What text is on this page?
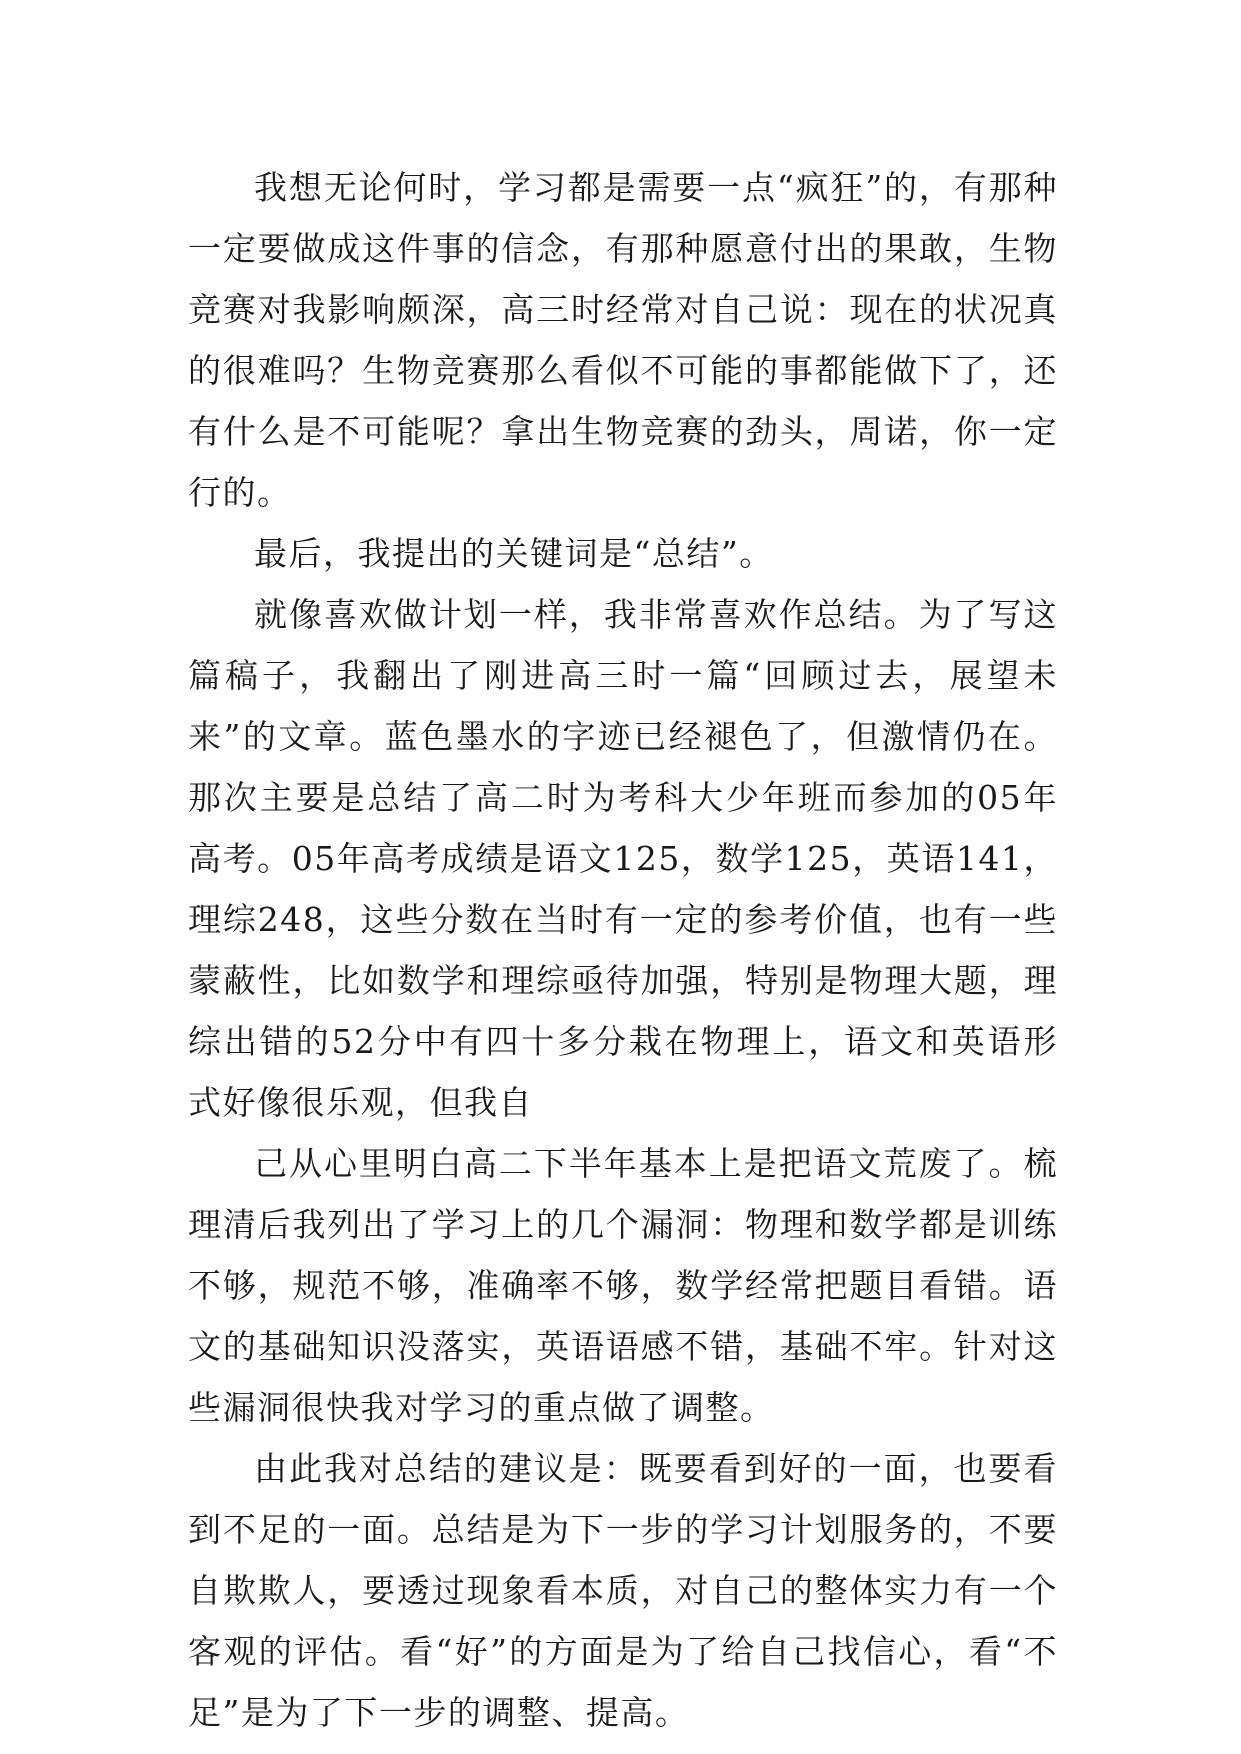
我想无论何时，学习都是需要一点“疯狂”的，有那种一定要做成这件事的信念，有那种愿意付出的果敢，生物竞赛对我影响颇深，高三时经常对自己说：现在的状况真的很难吗？生物竞赛那么看似不可能的事都能做下了，还有什么是不可能呢？拿出生物竞赛的劲头，周诺，你一定行的。

最后，我提出的关键词是“总结”。

就像喜欢做计划一样，我非常喜欢作总结。为了写这篇稿子，我翻出了刚进高三时一篇“回顾过去，展望未来”的文章。蓝色墨水的字迹已经褪色了，但激情仍在。那次主要是总结了高二时为考科大少年班而参加的05年高考。05年高考成绩是语文125，数学125，英语141，理综248，这些分数在当时有一定的参考价值，也有一些蒙蔽性，比如数学和理综亟待加强，特别是物理大题，理综出错的52分中有四十多分栽在物理上，语文和英语形式好像很乐观，但我自

己从心里明白高二下半年基本上是把语文荒废了。梳理清后我列出了学习上的几个漏洞：物理和数学都是训练不够，规范不够，准确率不够，数学经常把题目看错。语文的基础知识没落实，英语语感不错，基础不牢。针对这些漏洞很快我对学习的重点做了调整。

由此我对总结的建议是：既要看到好的一面，也要看到不足的一面。总结是为下一步的学习计划服务的，不要自欺欺人，要透过现象看本质，对自己的整体实力有一个客观的评估。看“好”的方面是为了给自己找信心，看“不足”是为了下一步的调整、提高。
